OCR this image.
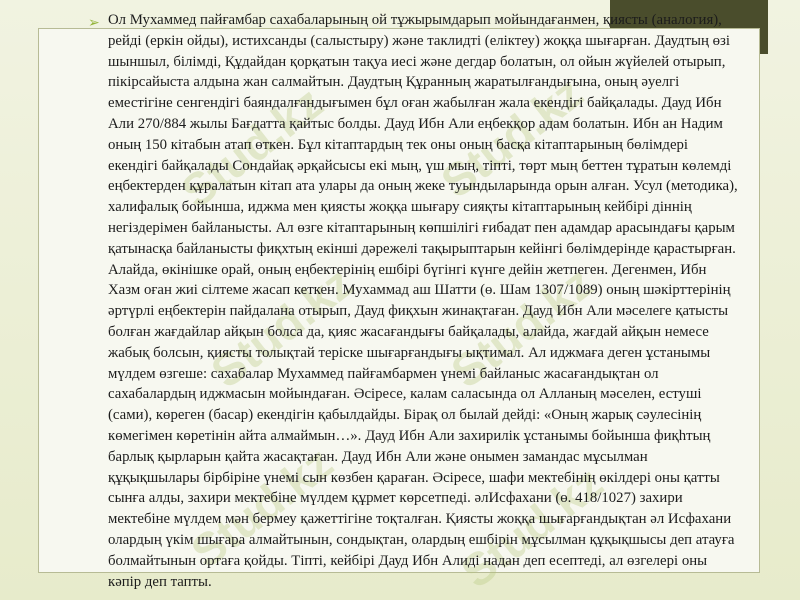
Stud.kz Stud.kz
Stud.kz Stud.kz
Stud.kz Stud.kz
➢ Ол Мухаммед пайғамбар сахабаларының ой тұжырымдарып мойындағанмен, қиясты (аналогия), рейді (еркін ойды), истихсанды (салыстыру) және таклидті (еліктеу) жоққа шығарған. Даудтың өзі шыншыл, білімді, Құдайдан қорқатын тақуа иесі және дегдар болатын, ол ойын жүйелей отырып, пікірсайыста алдына жан салмайтын. Даудтың Құранның жаратылғандығына, оның әуелгі еместігіне сенгендігі баяндалғандығымен бұл оған жабылған жала екендігі байқалады. Дауд Ибн Али 270/884 жылы Бағдатта қайтыс болды. Дауд Ибн Али еңбекқор адам болатын. Ибн ан Надим оның 150 кітабын атап өткен. Бұл кітаптардың тек оны оның басқа кітаптарының бөлімдері екендігі байқалады Сондайақ әрқайсысы екі мың, үш мың, тіпті, төрт мың беттен тұратын көлемді еңбектерден құралатын кітап ата улары да оның жеке туындыларында орын алған. Усул (методика), халифалық бойынша, иджма мен қиясты жоққа шығару сияқты кітаптарының кейбірі діннің негіздерімен байланысты. Ал өзге кітаптарының көпшілігі ғибадат пен адамдар арасындағы қарым қатынасқа байланысты фиқхтың екінші дәрежелі тақырыптарын кейінгі бөлімдерінде қарастырған. Алайда, өкінішке орай, оның еңбектерінің ешбірі бүгінгі күнге дейін жетпеген. Дегенмен, Ибн Хазм оған жиі сілтеме жасап кеткен. Мухаммад аш Шатти (ө. Шам 1307/1089) оның шәкірттерінің әртүрлі еңбектерін пайдалана отырып, Дауд фиқхын жинақтаған. Дауд Ибн Али мәселеге қатысты болған жағдайлар айқын болса да, қияс жасағандығы байқалады, алайда, жағдай айқын немесе жабық болсын, қиясты толықтай теріске шығарғандығы ықтимал. Ал иджмаға деген ұстанымы мүлдем өзгеше: сахабалар Мухаммед пайғамбармен үнемі байланыс жасағандықтан ол сахабалардың иджмасын мойындаған. Әсіресе, калам саласында ол Алланың мәселен, естуші (сами), көреген (басар) екендігін қабылдайды. Бірақ ол былай дейді: «Оның жарық сәулесінің көмегімен көретінін айта алмаймын…». Дауд Ибн Али захирилік ұстанымы бойынша фиқһтың барлық қырларын қайта жасақтаған. Дауд Ибн Али және онымен замандас мұсылман құқықшылары бірбіріне үнемі сын көзбен қараған. Әсіресе, шафи мектебінің өкілдері оны қатты сынға алды, захири мектебіне мүлдем құрмет көрсетпеді. әлИсфахани (ө. 418/1027) захири мектебіне мүлдем мән бермеу қажеттігіне тоқталған. Қиясты жоққа шығарғандықтан әл Исфахани олардың үкім шығара алмайтынын, сондықтан, олардың ешбірін мұсылман құқықшысы деп атауға болмайтынын ортаға қойды. Тіпті, кейбірі Дауд Ибн Алиді надан деп есептеді, ал өзгелері оны кәпір деп тапты.
